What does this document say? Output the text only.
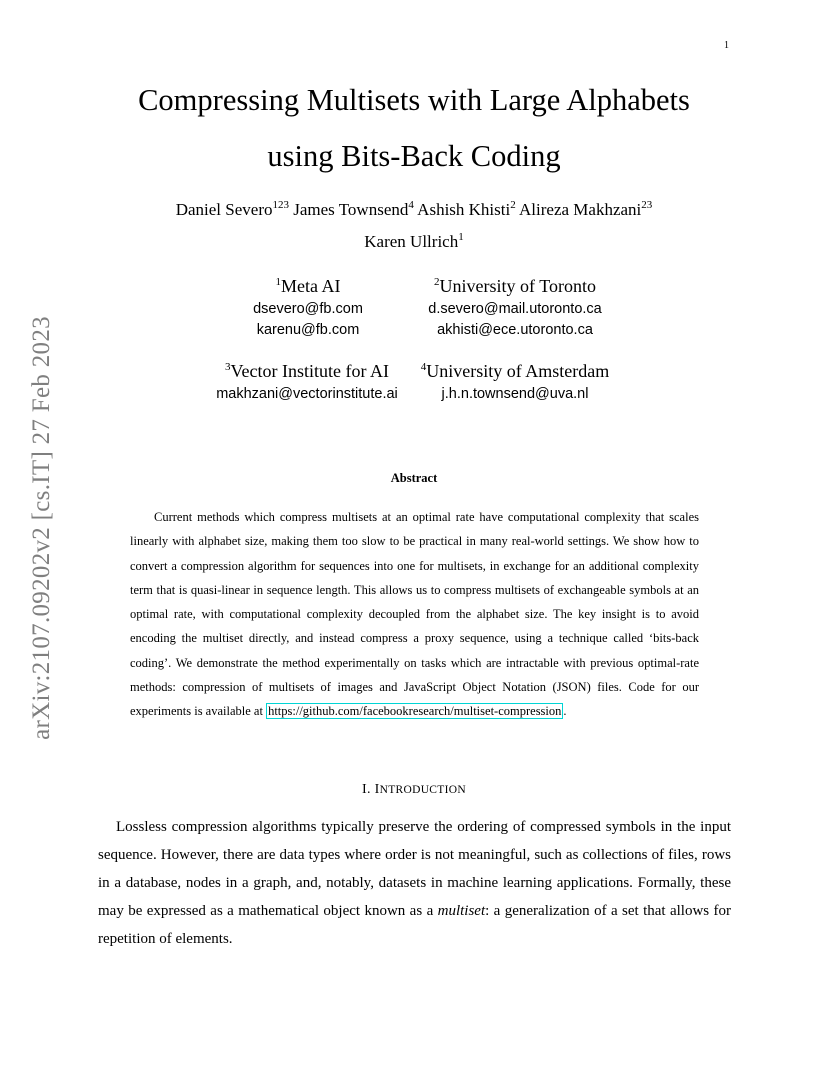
1
arXiv:2107.09202v2 [cs.IT] 27 Feb 2023
Compressing Multisets with Large Alphabets
using Bits-Back Coding
Daniel Severo$^{123}$ James Townsend$^4$ Ashish Khisti$^2$ Alireza Makhzani$^{23}$
Karen Ullrich$^1$
$^1$Meta AI
dsevero@fb.com
karenu@fb.com
$^2$University of Toronto
d.severo@mail.utoronto.ca
akhisti@ece.utoronto.ca
$^3$Vector Institute for AI
makhzani@vectorinstitute.ai
$^4$University of Amsterdam
j.h.n.townsend@uva.nl
Abstract
Current methods which compress multisets at an optimal rate have computational complexity that scales linearly with alphabet size, making them too slow to be practical in many real-world settings. We show how to convert a compression algorithm for sequences into one for multisets, in exchange for an additional complexity term that is quasi-linear in sequence length. This allows us to compress multisets of exchangeable symbols at an optimal rate, with computational complexity decoupled from the alphabet size. The key insight is to avoid encoding the multiset directly, and instead compress a proxy sequence, using a technique called ‘bits-back coding’. We demonstrate the method experimentally on tasks which are intractable with previous optimal-rate methods: compression of multisets of images and JavaScript Object Notation (JSON) files. Code for our experiments is available at https://github.com/facebookresearch/multiset-compression .
I. INTRODUCTION
Lossless compression algorithms typically preserve the ordering of compressed symbols in the input sequence. However, there are data types where order is not meaningful, such as collections of files, rows in a database, nodes in a graph, and, notably, datasets in machine learning applications. Formally, these may be expressed as a mathematical object known as a multiset: a generalization of a set that allows for repetition of elements.
